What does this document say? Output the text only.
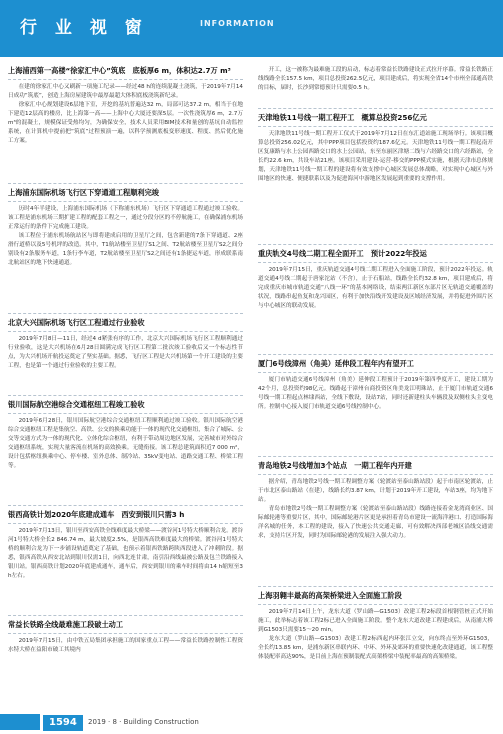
行 业 视 窗	INFORMATION
上海浦西第一高楼“徐家汇中心”筑底　底板厚6 m，体积达2.7万 m³

在建的徐家汇中心又刷新一项施工纪录——经过48 h的连续混凝土浇筑，于2019年7月14日成功“筑底”，创造上海房屋建筑中最厚最超大体积底板浇筑新纪录。

徐家汇中心规划建设6层地下室，开挖的基坑普遍达32 m，局部可达37.2 m，相当于在地下建造12层高的楼房，比上海第一高——上海中心大厦还要深5层。一次性浇筑厚6 m，2.7万 m³的混凝土，规模保证受热均匀，为确保安全，技术人员采用BIM技术和量创的基坑自动监控系统，在计算机中提前把“筑底”过程预演一遍，以科学预测底板变形速度、程度、然后优化施工方案。

上海浦东国际机场飞行区下穿通道工程顺利完竣

历时4年半建设，上海浦东国际机场（下称浦东机场）飞行区下穿通道工程通过竣工验收。该工程是浦东机场三期扩建工程的配套工程之一，通过分段分区的不停航施工，在确保浦东机场正常运行的条件下完成施工建设。

该工程位于浦东机场航站区与即将建成启用的卫星厅之间，包含新建的7条下穿通道、2座滑行道桥以及5号机坪的改造。其中，T1航站楼至卫星厅S1之间、T2航站楼至卫星厅S2之间分别设有2条服务车道，1条行李车道，T2航站楼至卫星厅S2之间还有1条捷运车道，形成联系南北航站区的地下快速通道。

北京大兴国际机场飞行区工程通过行业验收

2019年7月8日—11日，经过4 d紧张有序的工作，北京大兴国际机场飞行区工程顺利通过行业验收，这是大兴机场在6月28日圆满完成飞行区工程第二批次竣工验收后又一个标志性节点，为大兴机场开航投运奠定了坚实基础。据悉，飞行区工程是大兴机场第一个开工建设的主要工程，也是第一个通过行业验收的主要工程。

银川国际航空港综合交通枢纽工程竣工验收

2019年6月28日，银川国际航空港综合交通枢纽工程顺利通过竣工验收。银川国际航空港综合交通枢纽工程是集航空、高铁、公交的换乘功能于一体的现代化交通枢纽，集合了城际、公交等交通方式为一体的现代化、立体化综合枢纽，有利于带动周边地区发展，完善城市对外综合交通枢纽系统，实现大量客流在机场的高效换乘。无缝衔接。该工程总建筑面积近7 000 m²，设计包括枢纽换乘中心、停车楼、室外总体、制冷站、35kV变电站、道路交通工程、桥梁工程等。

银西高铁计划2020年底建成通车　西安到银川只需3 h

2019年7月13日，银川至西安高铁全线难度最大桥梁——渡谷河1号特大桥顺利合龙。渡谷河1号特大桥全长2 846.74 m，最大坡度2.5%，是银西高铁难度最大的桥梁。渡谷河1号特大桥的顺利合龙为下一步铺设轨道奠定了基础，也预示着银西铁路跨陕西段进入了冲刺阶段。据悉，银西高铁从西安北站到银川仅需1日，向西北连甘肃，南引沿西线最被公路及包兰铁路接入银川站。银西高铁计划2020年底建成通车，通车后，西安到银川的乘车时间将由14 h缩短至3 h左右。

常益长铁路全线最难施工段破土动工

2019年7月15日，由中铁五局集团承担施工的国家重点工程——常益长铁路控制性工程资水特大桥在益阳市破工其境内

开工，这一被称为最难施工段的启动，标志着常益长铁路建设正式拉开序幕。常益长铁路正线线路全长157.5 km，项目总投资262.5亿元，项目建成后，将实现全省14个市州全部通高铁的目标，届时，长沙到常德预计只需要0.5 h。

天津地铁11号线一期工程开工　概算总投资256亿元

天津地铁11号线一期工程开工仪式于2019年7月12日在东汇道站施工现场举行。该项目概算总投资256.02亿元，其中PPP项目包括投资约187.6亿元。天津地铁11号线一期工程起南开区复康路与水上公园西路交口的水上公园站，东至东丽区津塘二线与六经路交口的六经路站，全长约22.6 km，共设车站21座。该项目采用建设-运营-移交的PPP模式实施，根据天津市总体规划，天津地铁11号线一期工程的建设将有效支撑中心城区发展总体战略，对实现中心城区与外围地区的快速、便捷联系以及为促进海河中游地区发展起到重要的支撑作用。

重庆轨交4号线二期工程全面开工　预计2022年投运

2019年7月15日，重庆轨道交通4号线二期工程进入全面施工阶段，预计2022年投运。轨道交通4号线二期起于唐家沱站（不含），止于石船站，线路全长约32.8 km，项目建成后，将完成重庆市城市轨道交通“八线一环”的基本网络设，结束两江新区东部片区无轨道交通覆盖的状况，线路串起鱼复和龙兴园区，有利于加快沿线开发建设及区域经济发展，并将促进外围片区与中心城区的联动发展。

厦门6号线漳州（角美）延伸段工程年内有望开工

厦门市轨道交通6号线漳州（角美）延伸段工程预计于2019年第四季度开工，建设工期为42个月，总投资约98亿元。线路起于漳州台商投资区角美龙江明珠站，止于厦门市轨道交通6号线一期工程起点林埭西站，全线下敷设，设站7站，同时还新建柱头车辆段及双侧柱头主变电所。控制中心接入厦门市轨道交通6号线控制中心。

青岛地铁2号线增加3个站点　一期工程年内开建

据介绍，青岛地铁2号线一期工程调整方案（轮渡站至泰山路站段）起于市南区轮渡站，止于市北区泰山路站（在建），线路长约3.87 km，计划于2019年开工建设，车站3座，均为地下站。

青岛市地铁2号线一期工程调整方案（轮渡站至泰山路站段）线路连接着金龙湾商业区、国际邮轮港等重要片区，其中，国际邮轮港片区更是承担着青岛市建设一流海洋港口、打造国际海洋名城的任务，本工程的建设，接入了快速公共交通走廊，可有效解决西部老城区沿线交通需求，支持片区开发，同时为国际邮轮港的发展注入强大动力。

上海羽翱丰最高的高架桥梁进入全面施工阶段

2019年7月14日上午，龙东大道（罗山路—G1503）改建工程2标段首根钢管桩正式开始施工，此举标志着该工程2标已进入全面施工阶段。整个龙东大道改建工程建成后，从南浦大桥到G1503只需要15～20 min。

龙东大道（罗山路—G1503）改建工程2标西起内环张江立交，向东终点至外环G1503，全长约13.85 km，是浦东新区串联内环、中环、外环及郊环的重要快速化改建通道，该工程整体装配率高达90%，是目前上海在预制装配式高架桥梁中装配率最高的高架桥梁。

1594	2019 · 8 · Building Construction
